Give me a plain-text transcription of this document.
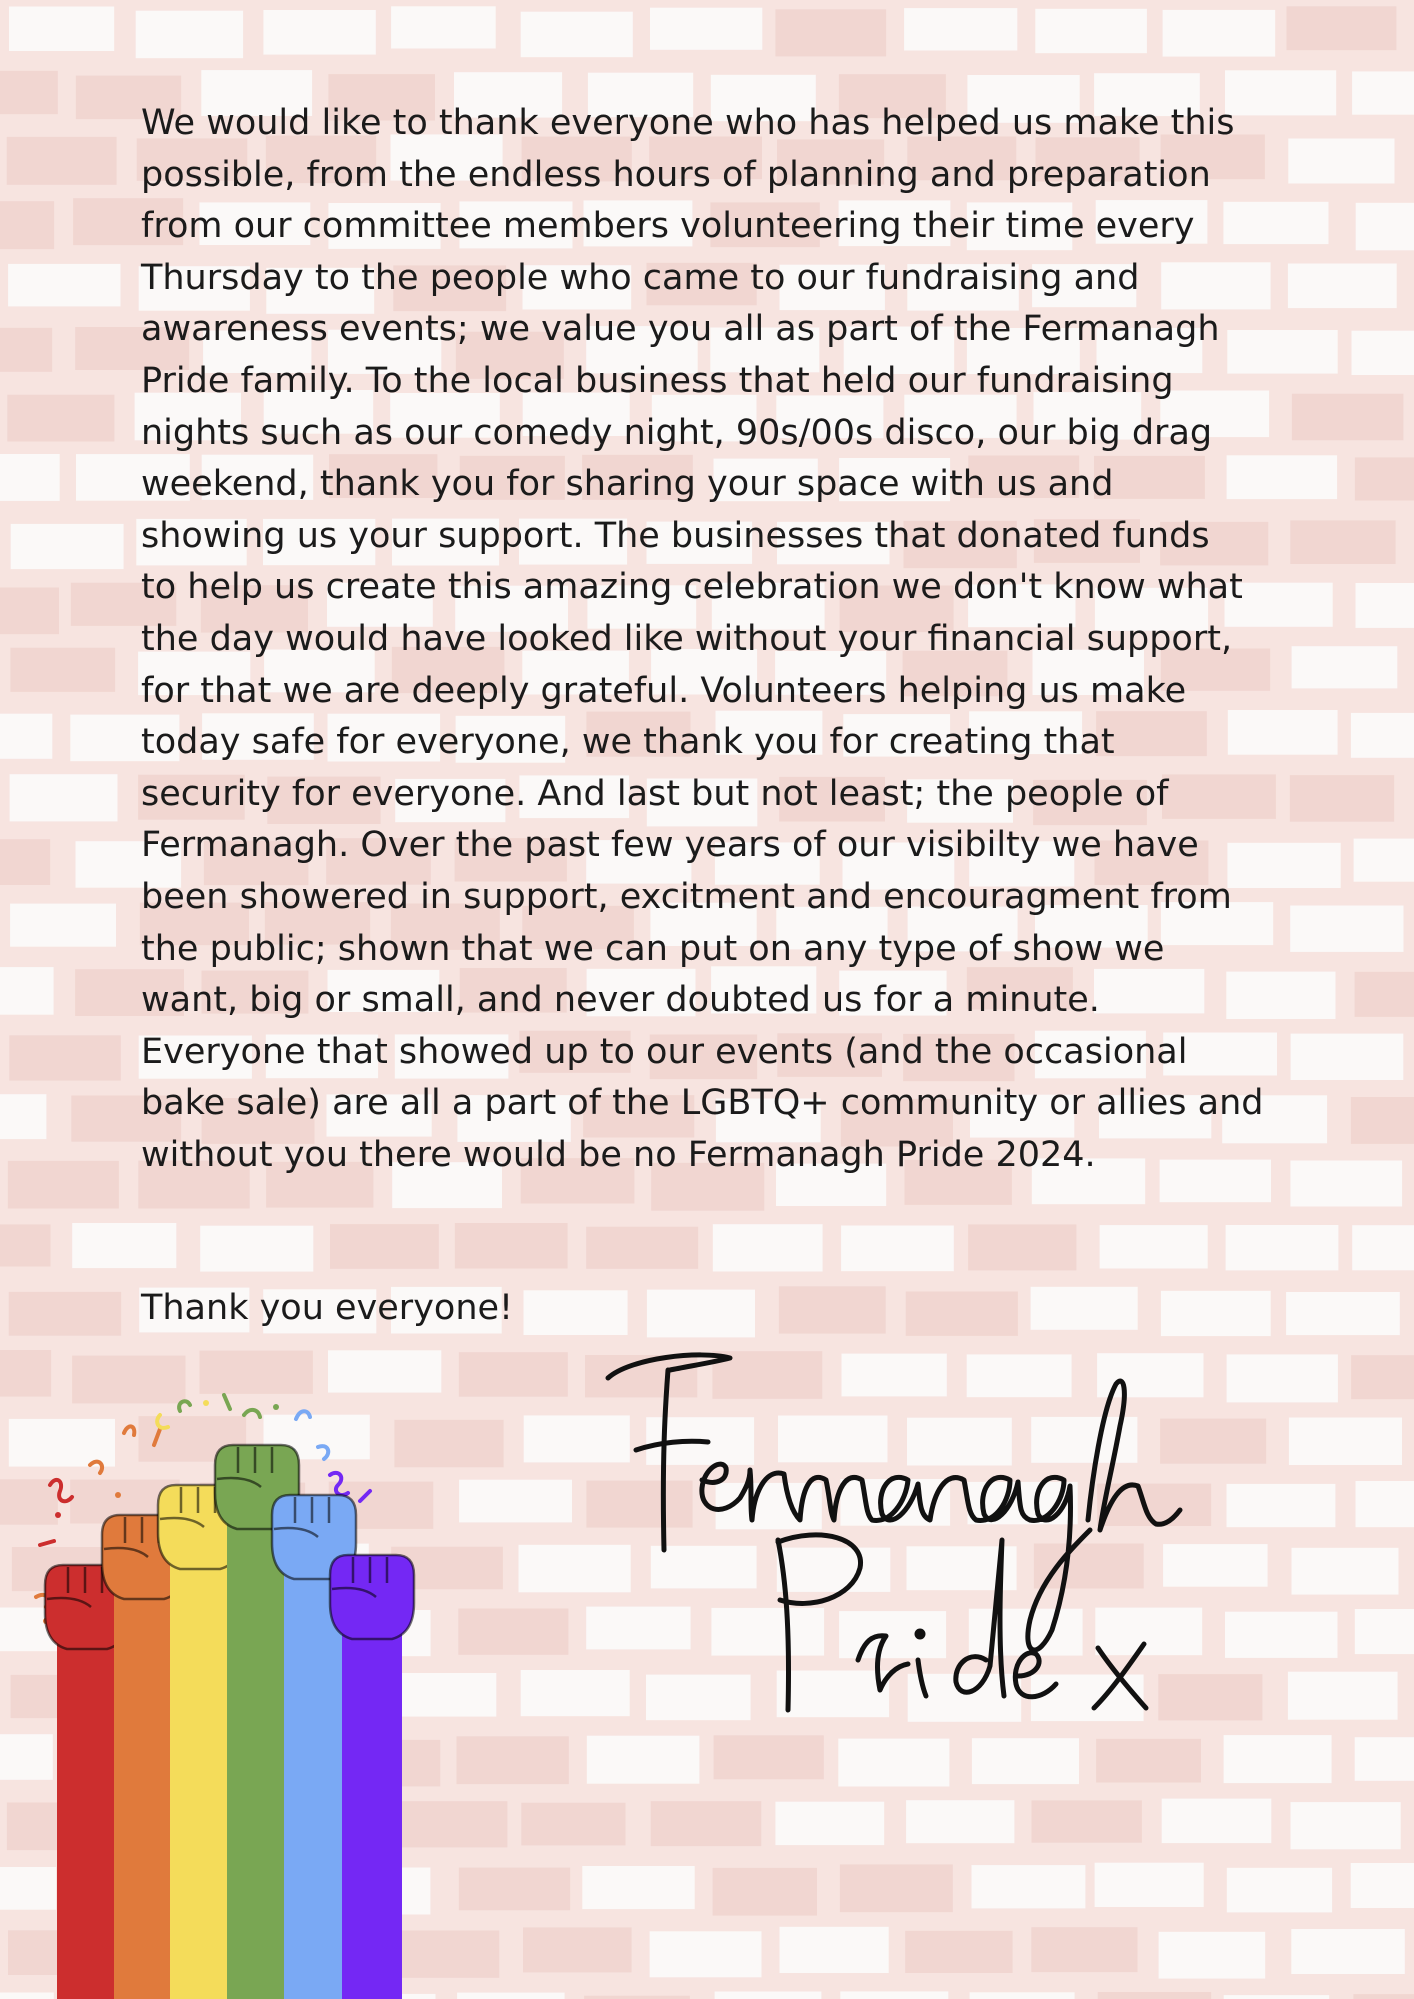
We would like to thank everyone who has helped us make this
possible, from the endless hours of planning and preparation
from our committee members volunteering their time every
Thursday to the people who came to our fundraising and
awareness events; we value you all as part of the Fermanagh
Pride family. To the local business that held our fundraising
nights such as our comedy night, 90s/00s disco, our big drag
weekend, thank you for sharing your space with us and
showing us your support. The businesses that donated funds
to help us create this amazing celebration we don't know what
the day would have looked like without your financial support,
for that we are deeply grateful. Volunteers helping us make
today safe for everyone, we thank you for creating that
security for everyone. And last but not least; the people of
Fermanagh. Over the past few years of our visibilty we have
been showered in support, excitment and encouragment from
the public; shown that we can put on any type of show we
want, big or small, and never doubted us for a minute.
Everyone that showed up to our events (and the occasional
bake sale) are all a part of the LGBTQ+ community or allies and
without you there would be no Fermanagh Pride 2024.

Thank you everyone!
